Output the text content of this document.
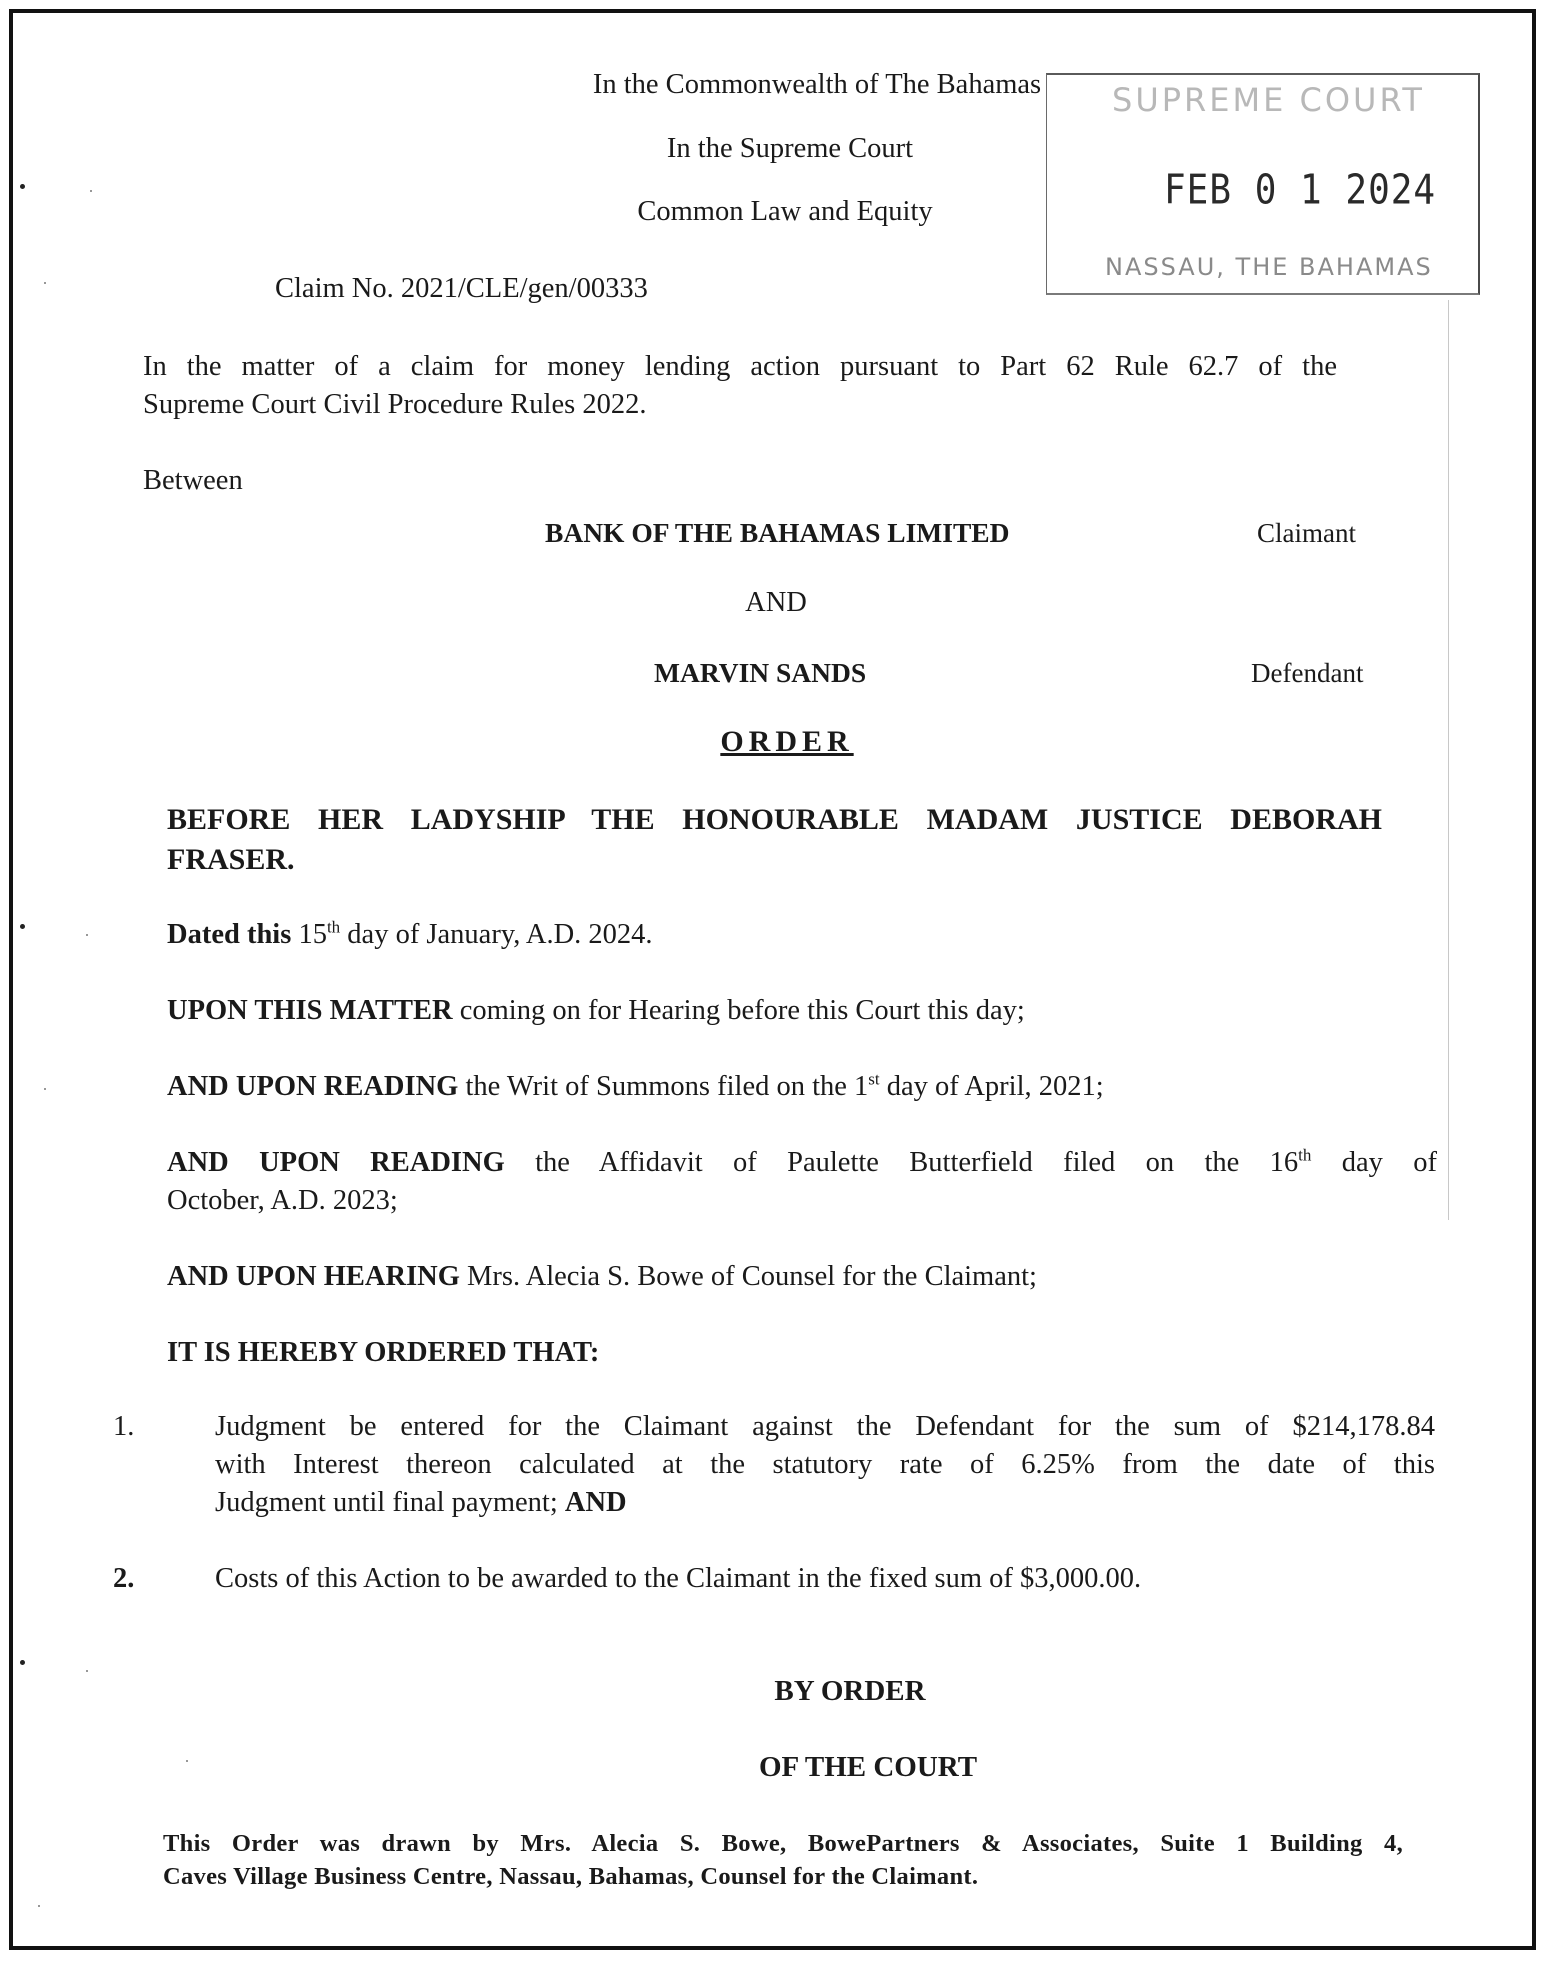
In the Commonwealth of The Bahamas
In the Supreme Court
Common Law and Equity
Claim No. 2021/CLE/gen/00333
SUPREME COURT
FEB 0 1 2024
NASSAU, THE BAHAMAS
In the matter of a claim for money lending action pursuant to Part 62 Rule 62.7 of the
Supreme Court Civil Procedure Rules 2022.
Between
BANK OF THE BAHAMAS LIMITED	Claimant
AND
MARVIN SANDS	Defendant
ORDER
BEFORE HER LADYSHIP THE HONOURABLE MADAM JUSTICE DEBORAH
FRASER.
Dated this 15th day of January, A.D. 2024.
UPON THIS MATTER coming on for Hearing before this Court this day;
AND UPON READING the Writ of Summons filed on the 1st day of April, 2021;
AND UPON READING the Affidavit of Paulette Butterfield filed on the 16th day of
October, A.D. 2023;
AND UPON HEARING Mrs. Alecia S. Bowe of Counsel for the Claimant;
IT IS HEREBY ORDERED THAT:
1.	Judgment be entered for the Claimant against the Defendant for the sum of $214,178.84
with Interest thereon calculated at the statutory rate of 6.25% from the date of this
Judgment until final payment; AND
2.	Costs of this Action to be awarded to the Claimant in the fixed sum of $3,000.00.
BY ORDER
OF THE COURT
This Order was drawn by Mrs. Alecia S. Bowe, BowePartners & Associates, Suite 1 Building 4,
Caves Village Business Centre, Nassau, Bahamas, Counsel for the Claimant.
